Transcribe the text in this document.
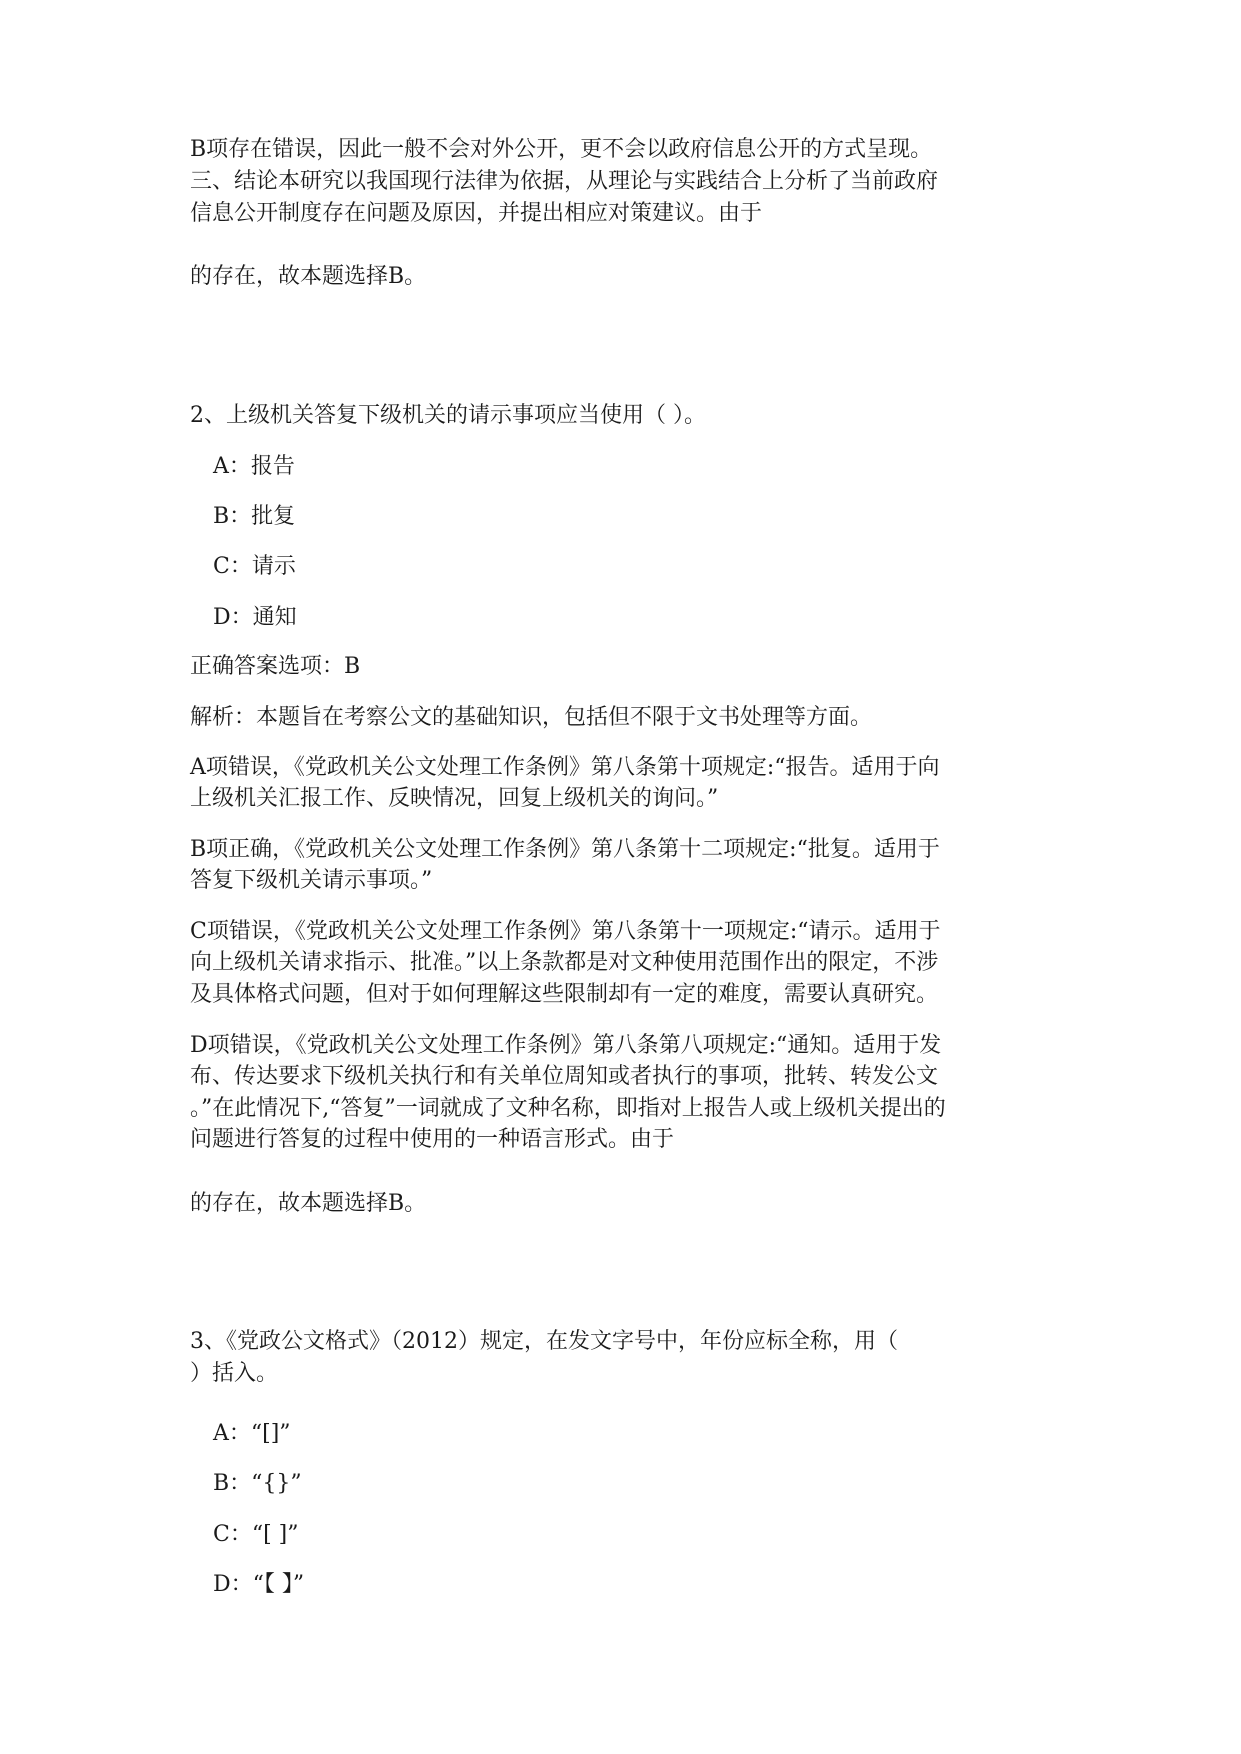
B项存在错误，因此一般不会对外公开，更不会以政府信息公开的方式呈现。
三、结论本研究以我国现行法律为依据，从理论与实践结合上分析了当前政府
信息公开制度存在问题及原因，并提出相应对策建议。由于
的存在，故本题选择B。
2、上级机关答复下级机关的请示事项应当使用（ ）。
A：报告
B：批复
C：请示
D：通知
正确答案选项：B
解析：本题旨在考察公文的基础知识，包括但不限于文书处理等方面。
A项错误，《党政机关公文处理工作条例》第八条第十项规定:“报告。适用于向
上级机关汇报工作、反映情况，回复上级机关的询问。”
B项正确，《党政机关公文处理工作条例》第八条第十二项规定:“批复。适用于
答复下级机关请示事项。”
C项错误，《党政机关公文处理工作条例》第八条第十一项规定:“请示。适用于
向上级机关请求指示、批准。”以上条款都是对文种使用范围作出的限定，不涉
及具体格式问题，但对于如何理解这些限制却有一定的难度，需要认真研究。
D项错误，《党政机关公文处理工作条例》第八条第八项规定:“通知。适用于发
布、传达要求下级机关执行和有关单位周知或者执行的事项，批转、转发公文
。”在此情况下,“答复”一词就成了文种名称，即指对上报告人或上级机关提出的
问题进行答复的过程中使用的一种语言形式。由于
的存在，故本题选择B。
3、《党政公文格式》（2012）规定，在发文字号中，年份应标全称，用（
）括入。
A：“[]”
B：“{}”
C：“[ ]”
D：“【 】”
